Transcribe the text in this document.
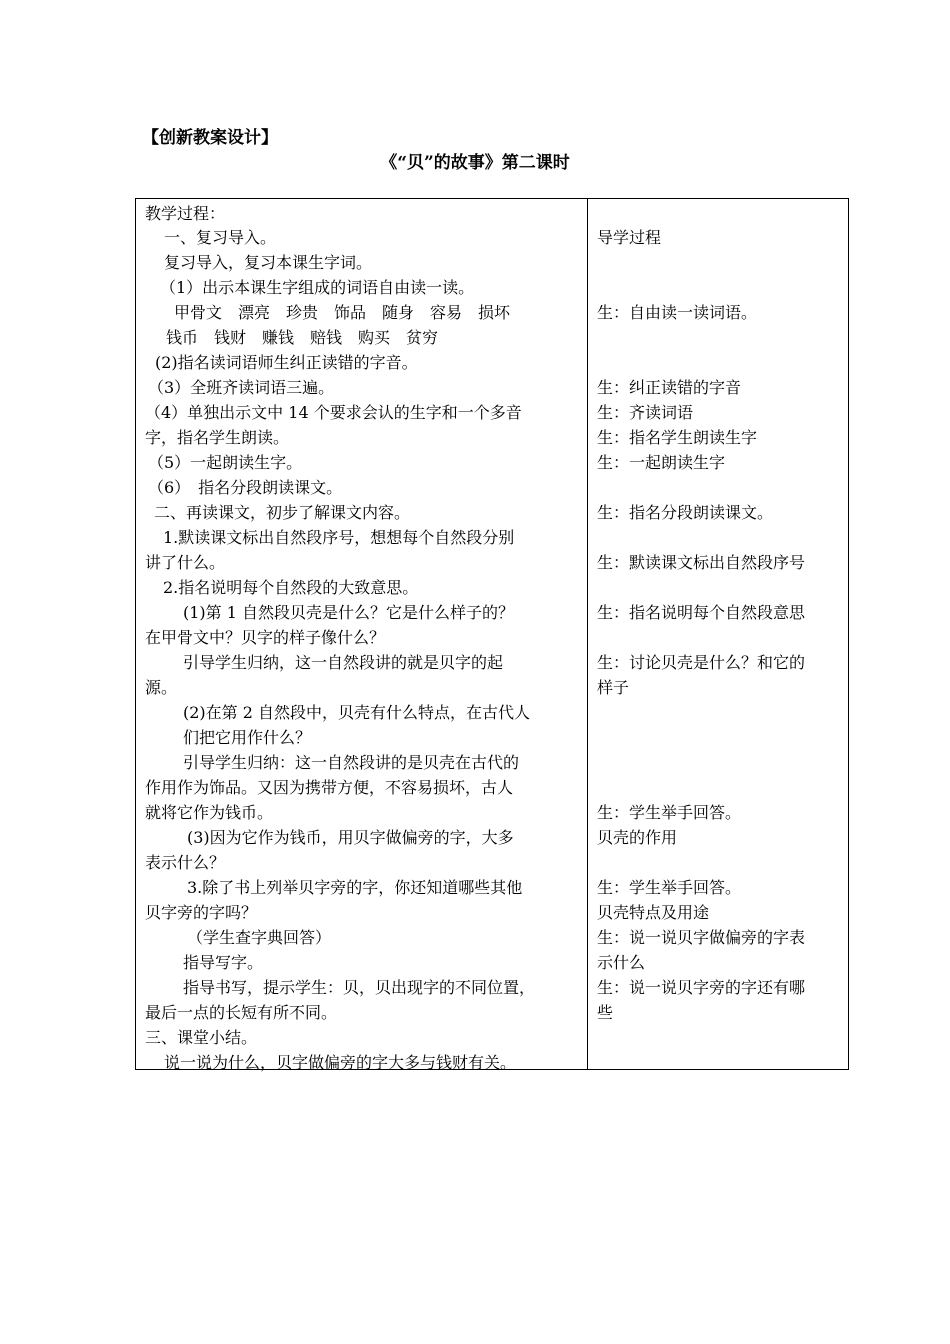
【创新教案设计】
《“贝”的故事》第二课时
教学过程：
一、复习导入。
复习导入，复习本课生字词。
（1）出示本课生字组成的词语自由读一读。
甲骨文　漂亮　珍贵　饰品　随身　容易　损坏
钱币　钱财　赚钱　赔钱　购买　贫穷
(2)指名读词语师生纠正读错的字音。
（3）全班齐读词语三遍。
（4）单独出示文中 14 个要求会认的生字和一个多音
字，指名学生朗读。
（5）一起朗读生字。
（6）　指名分段朗读课文。
二、再读课文，初步了解课文内容。
1.默读课文标出自然段序号，想想每个自然段分别
讲了什么。
2.指名说明每个自然段的大致意思。
(1)第 1 自然段贝壳是什么？它是什么样子的？
在甲骨文中？贝字的样子像什么？
引导学生归纳，这一自然段讲的就是贝字的起
源。
(2)在第 2 自然段中，贝壳有什么特点，在古代人
们把它用作什么？
引导学生归纳：这一自然段讲的是贝壳在古代的
作用作为饰品。又因为携带方便，不容易损坏，古人
就将它作为钱币。
(3)因为它作为钱币，用贝字做偏旁的字，大多
表示什么？
3.除了书上列举贝字旁的字，你还知道哪些其他
贝字旁的字吗？
（学生查字典回答）
指导写字。
指导书写，提示学生：贝，贝出现字的不同位置，
最后一点的长短有所不同。
三、课堂小结。
说一说为什么，贝字做偏旁的字大多与钱财有关。
导学过程
生：自由读一读词语。
生：纠正读错的字音
生：齐读词语
生：指名学生朗读生字
生：一起朗读生字
生：指名分段朗读课文。
生：默读课文标出自然段序号
生：指名说明每个自然段意思
生：讨论贝壳是什么？和它的
样子
生：学生举手回答。
贝壳的作用
生：学生举手回答。
贝壳特点及用途
生：说一说贝字做偏旁的字表
示什么
生：说一说贝字旁的字还有哪
些
